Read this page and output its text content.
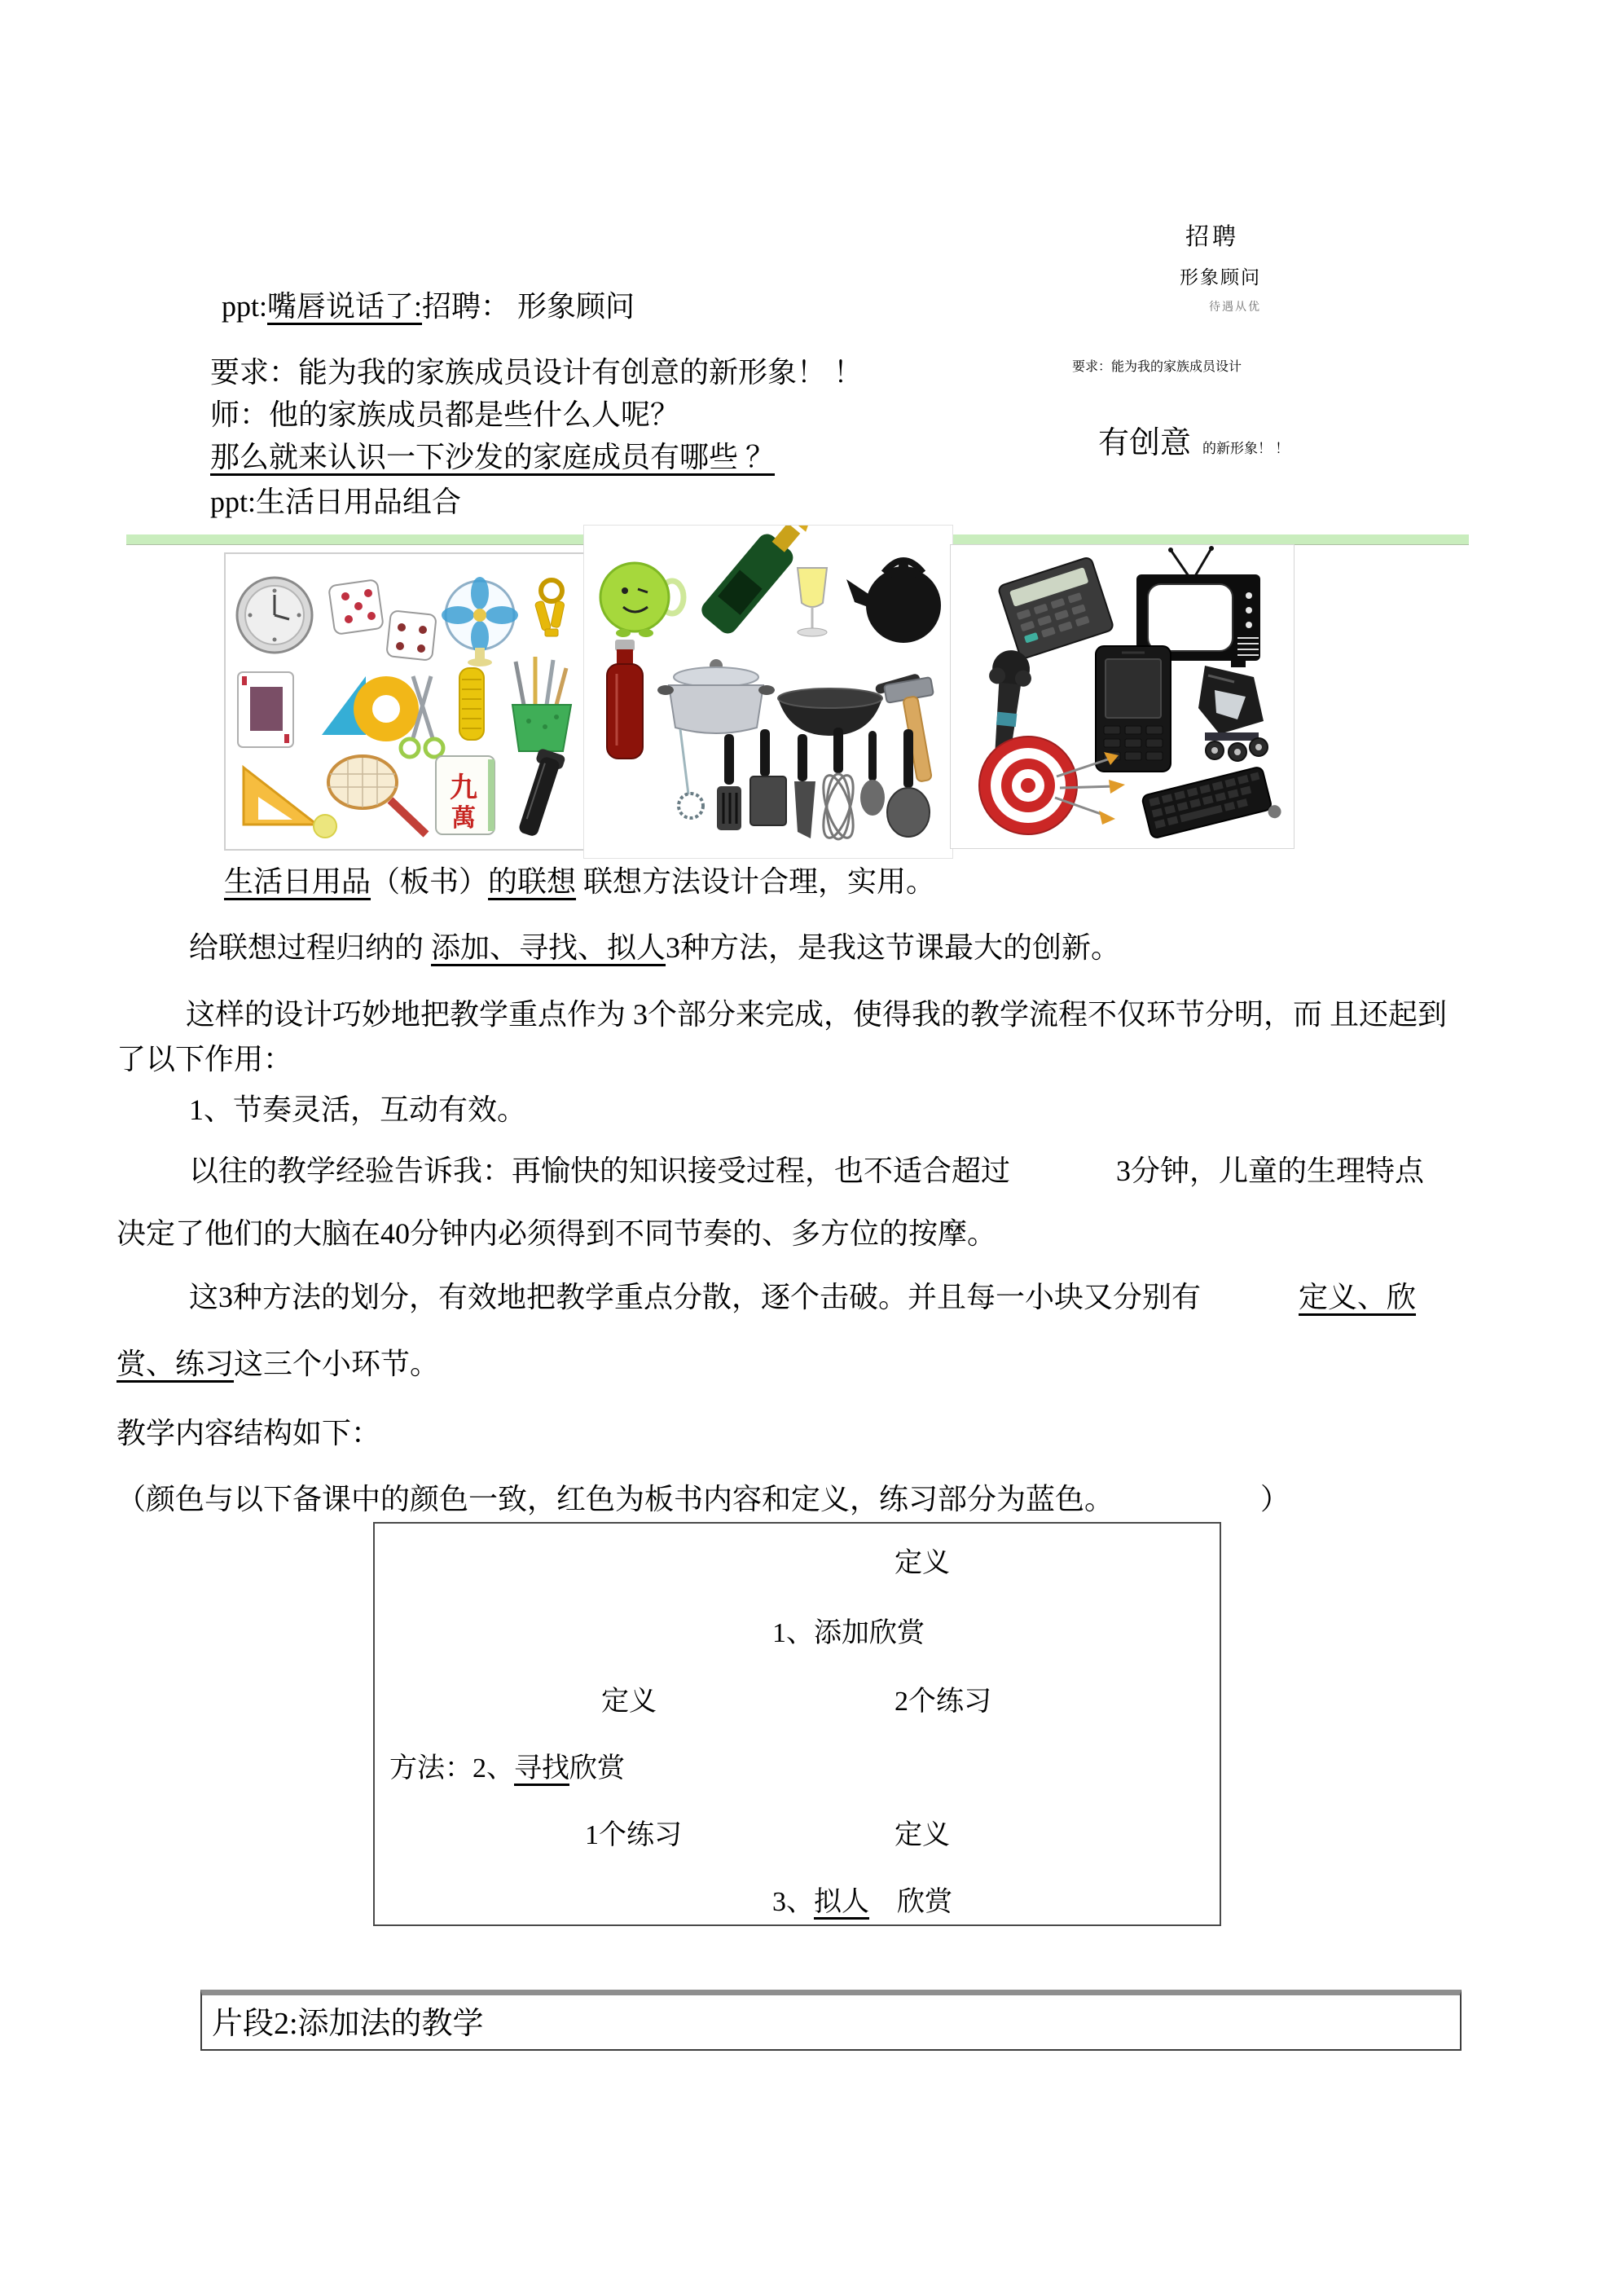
招聘
形象顾问
待遇从优
要求：能为我的家族成员设计
有创意 的新形象！ ！
ppt:嘴唇说话了:招聘： 形象顾问
要求：能为我的家族成员设计有创意的新形象！ ！
师：他的家族成员都是些什么人呢？
那么就来认识一下沙发的家庭成员有哪些 ？
ppt:生活日用品组合
九
萬
生活日用品（板书）的联想 联想方法设计合理，实用。
给联想过程归纳的 添加、寻找、拟人3种方法，是我这节课最大的创新。
这样的设计巧妙地把教学重点作为 3个部分来完成，使得我的教学流程不仅环节分明，而 且还起到
了以下作用：
1、节奏灵活，互动有效。
以往的教学经验告诉我：再愉快的知识接受过程，也不适合超过	3分钟，儿童的生理特点
决定了他们的大脑在40分钟内必须得到不同节奏的、多方位的按摩。
这3种方法的划分，有效地把教学重点分散，逐个击破。并且每一小块又分别有	定义、欣
赏、练习这三个小环节。
教学内容结构如下：
（颜色与以下备课中的颜色一致，红色为板书内容和定义，练习部分为蓝色。	）
定义
1、添加欣赏
定义	2个练习
方法：2、寻找欣赏
1个练习	定义
3、拟人　欣赏
片段2:添加法的教学
